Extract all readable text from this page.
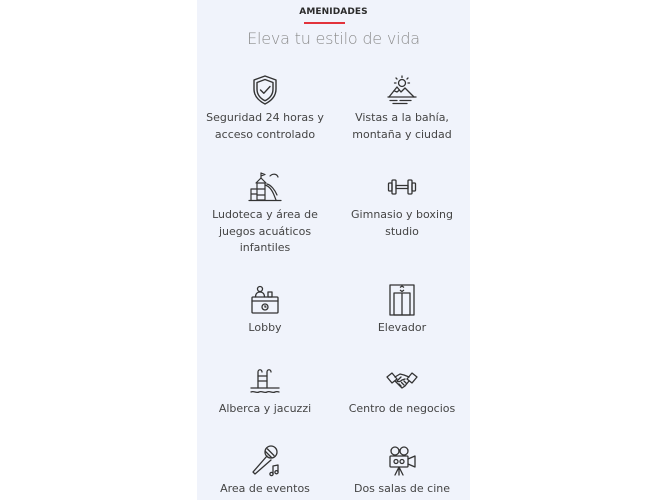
AMENIDADES
Eleva tu estilo de vida
Seguridad 24 horas y
acceso controlado
Vistas a la bahía,
montaña y ciudad
Ludoteca y área de
juegos acuáticos
infantiles
Gimnasio y boxing
studio
Lobby	Elevador
Alberca y jacuzzi	Centro de negocios
Area de eventos	Dos salas de cine
